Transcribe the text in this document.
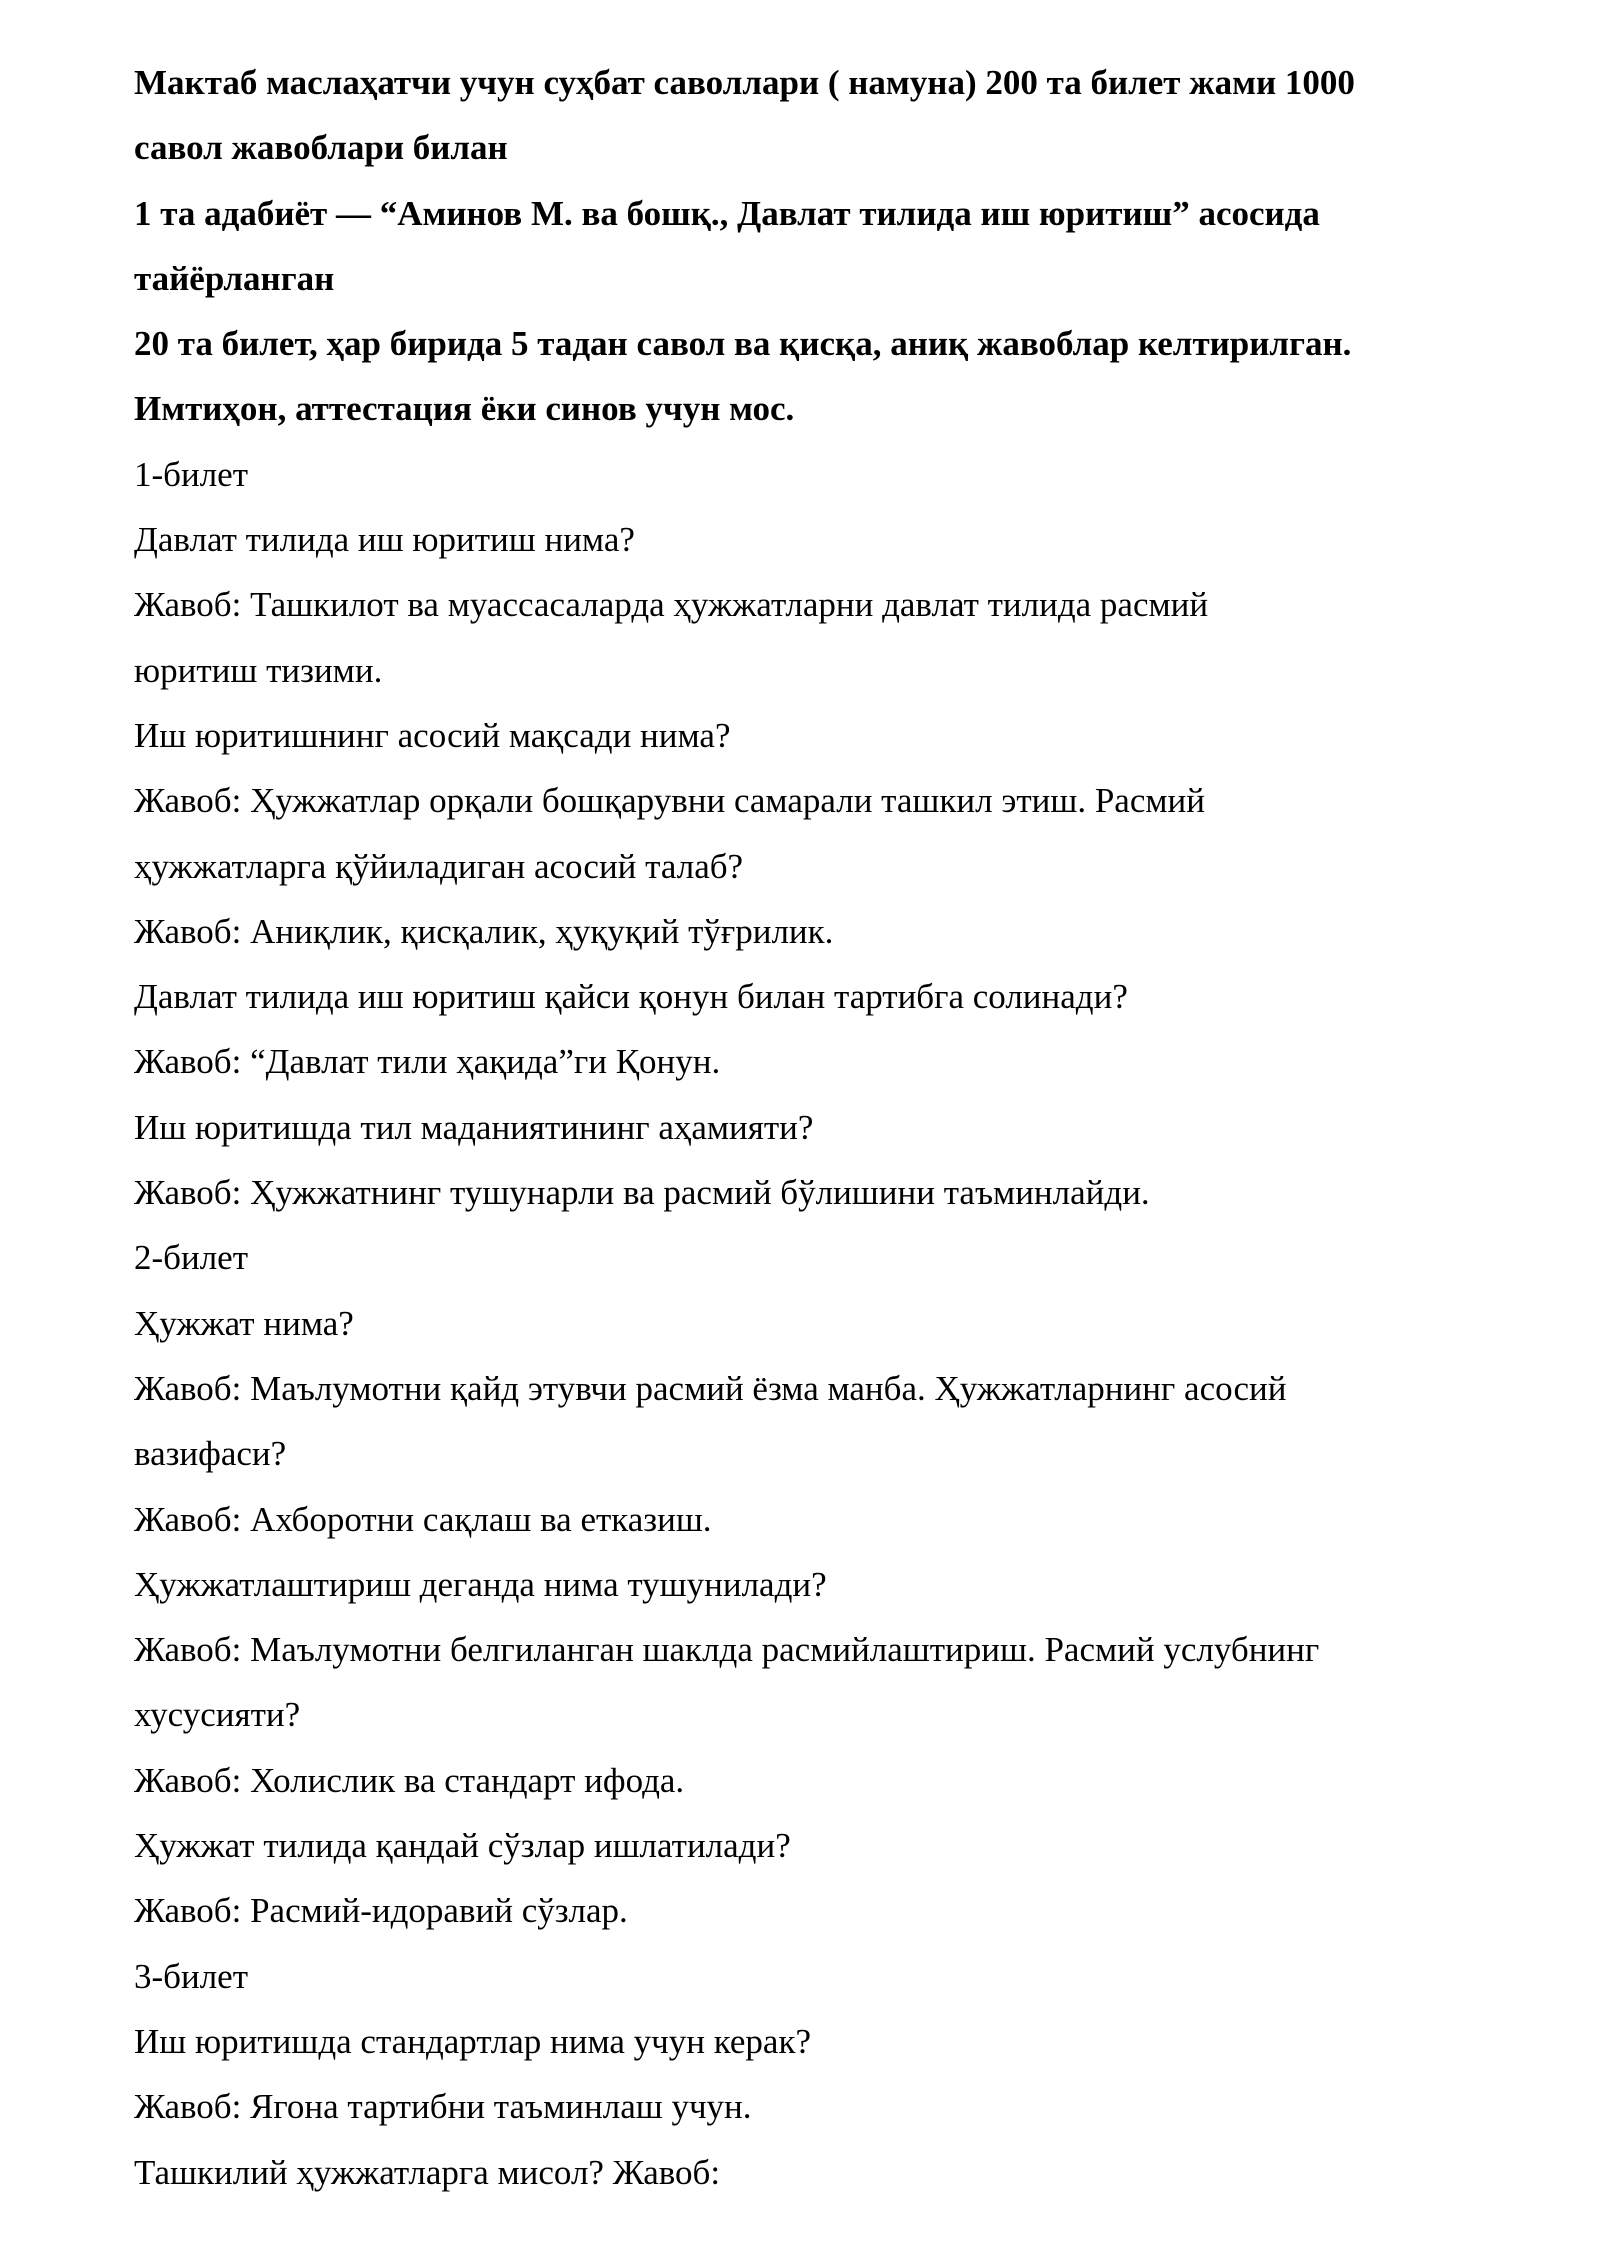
Мактаб маслаҳатчи учун суҳбат саволлари ( намуна) 200 та билет жами 1000
савол жавоблари билан
1 та адабиёт — “Аминов М. ва бошқ., Давлат тилида иш юритиш” асосида
тайёрланган
20 та билет, ҳар бирида 5 тадан савол ва қисқа, аниқ жавоблар келтирилган.
Имтиҳон, аттестация ёки синов учун мос.
1-билет
Давлат тилида иш юритиш нима?
Жавоб: Ташкилот ва муассасаларда ҳужжатларни давлат тилида расмий
юритиш тизими.
Иш юритишнинг асосий мақсади нима?
Жавоб: Ҳужжатлар орқали бошқарувни самарали ташкил этиш. Расмий
ҳужжатларга қўйиладиган асосий талаб?
Жавоб: Аниқлик, қисқалик, ҳуқуқий тўғрилик.
Давлат тилида иш юритиш қайси қонун билан тартибга солинади?
Жавоб: “Давлат тили ҳақида”ги Қонун.
Иш юритишда тил маданиятининг аҳамияти?
Жавоб: Ҳужжатнинг тушунарли ва расмий бўлишини таъминлайди.
2-билет
Ҳужжат нима?
Жавоб: Маълумотни қайд этувчи расмий ёзма манба. Ҳужжатларнинг асосий
вазифаси?
Жавоб: Ахборотни сақлаш ва етказиш.
Ҳужжатлаштириш деганда нима тушунилади?
Жавоб: Маълумотни белгиланган шаклда расмийлаштириш. Расмий услубнинг
хусусияти?
Жавоб: Холислик ва стандарт ифода.
Ҳужжат тилида қандай сўзлар ишлатилади?
Жавоб: Расмий-идоравий сўзлар.
3-билет
Иш юритишда стандартлар нима учун керак?
Жавоб: Ягона тартибни таъминлаш учун.
Ташкилий ҳужжатларга мисол? Жавоб:
